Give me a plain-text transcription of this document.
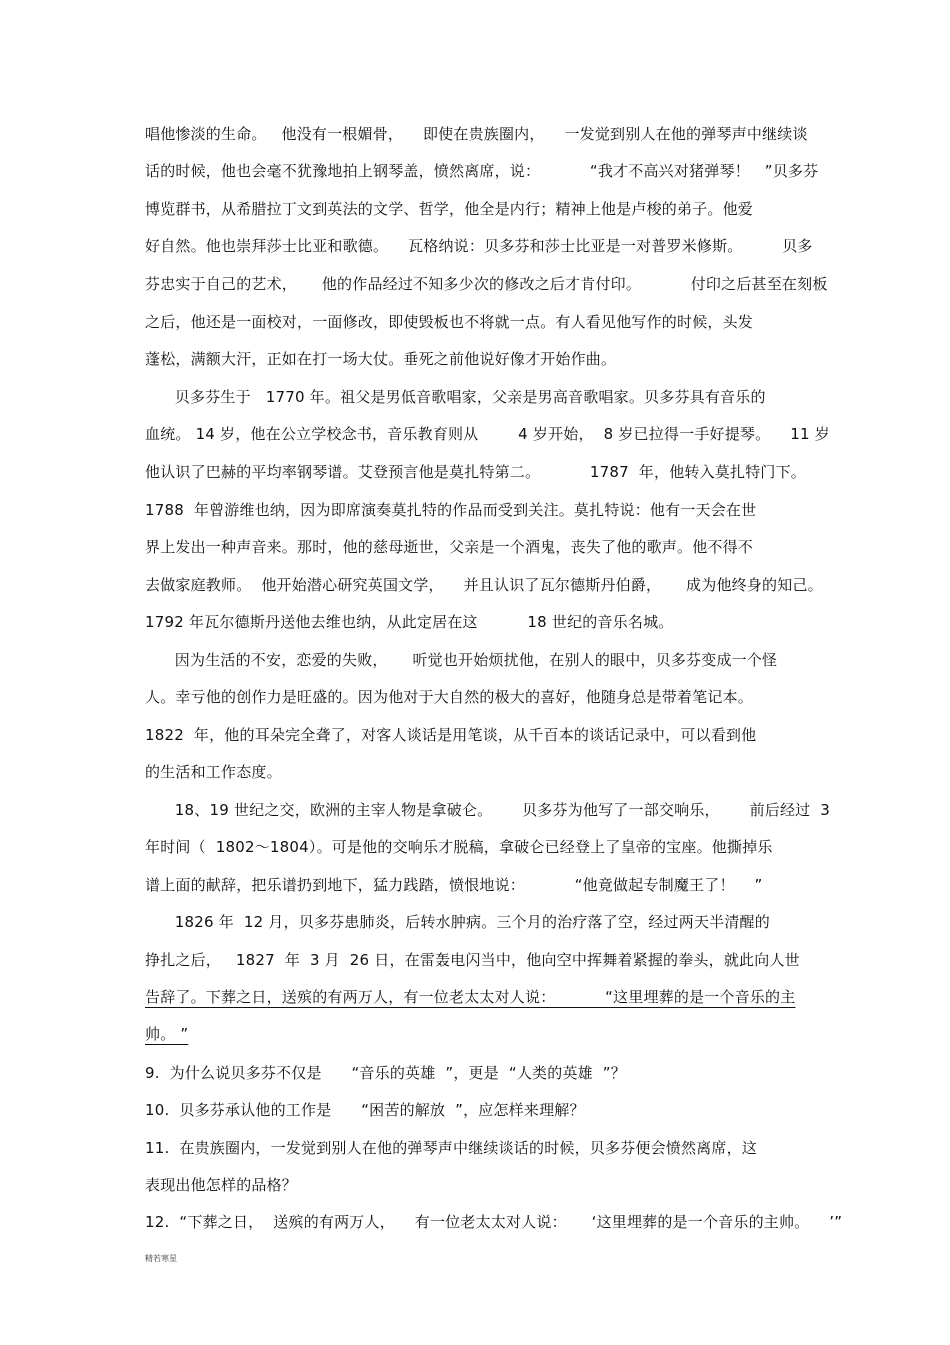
唱他惨淡的生命。   他没有一根媚骨，    即使在贵族圈内，    一发觉到别人在他的弹琴声中继续谈
话的时候，他也会毫不犹豫地拍上钢琴盖，愤然离席，说：          “我才不高兴对猪弹琴！   ”贝多芬
博览群书，从希腊拉丁文到英法的文学、哲学，他全是内行；精神上他是卢梭的弟子。他爱
好自然。他也崇拜莎士比亚和歌德。    瓦格纳说：贝多芬和莎士比亚是一对普罗米修斯。        贝多
芬忠实于自己的艺术，     他的作品经过不知多少次的修改之后才肯付印。          付印之后甚至在刻板
之后，他还是一面校对，一面修改，即使毁板也不将就一点。有人看见他写作的时候，头发
蓬松，满额大汗，正如在打一场大仗。垂死之前他说好像才开始作曲。
贝多芬生于   1770 年。祖父是男低音歌唱家，父亲是男高音歌唱家。贝多芬具有音乐的
血统。 14 岁，他在公立学校念书，音乐教育则从        4 岁开始，  8 岁已拉得一手好提琴。    11 岁
他认识了巴赫的平均率钢琴谱。艾登预言他是莫扎特第二。          1787  年，他转入莫扎特门下。
1788  年曾游维也纳，因为即席演奏莫扎特的作品而受到关注。莫扎特说：他有一天会在世
界上发出一种声音来。那时，他的慈母逝世，父亲是一个酒鬼，丧失了他的歌声。他不得不
去做家庭教师。  他开始潜心研究英国文学，    并且认识了瓦尔德斯丹伯爵，     成为他终身的知己。
1792 年瓦尔德斯丹送他去维也纳，从此定居在这          18 世纪的音乐名城。
因为生活的不安，恋爱的失败，     听觉也开始烦扰他，在别人的眼中，贝多芬变成一个怪
人。幸亏他的创作力是旺盛的。因为他对于大自然的极大的喜好，他随身总是带着笔记本。
1822  年，他的耳朵完全聋了，对客人谈话是用笔谈，从千百本的谈话记录中，可以看到他
的生活和工作态度。
18、19 世纪之交，欧洲的主宰人物是拿破仑。      贝多芬为他写了一部交响乐，      前后经过  3
年时间（  1802～1804）。可是他的交响乐才脱稿，拿破仑已经登上了皇帝的宝座。他撕掉乐
谱上面的献辞，把乐谱扔到地下，猛力践踏，愤恨地说：          “他竟做起专制魔王了！    ”
1826 年  12 月，贝多芬患肺炎，后转水肿病。三个月的治疗落了空，经过两天半清醒的
挣扎之后，   1827  年  3 月  26 日，在雷轰电闪当中，他向空中挥舞着紧握的拳头，就此向人世
告辞了。下葬之日，送殡的有两万人，有一位老太太对人说：          “这里埋葬的是一个音乐的主
帅。 ”
9.  为什么说贝多芬不仅是      “音乐的英雄  ”，更是  “人类的英雄  ”？
10.  贝多芬承认他的工作是      “困苦的解放  ”，应怎样来理解？
11.  在贵族圈内，一发觉到别人在他的弹琴声中继续谈话的时候，贝多芬便会愤然离席，这
表现出他怎样的品格？
12.  “下葬之日，  送殡的有两万人，    有一位老太太对人说：     ‘这里埋葬的是一个音乐的主帅。    ’”
精若寒星
